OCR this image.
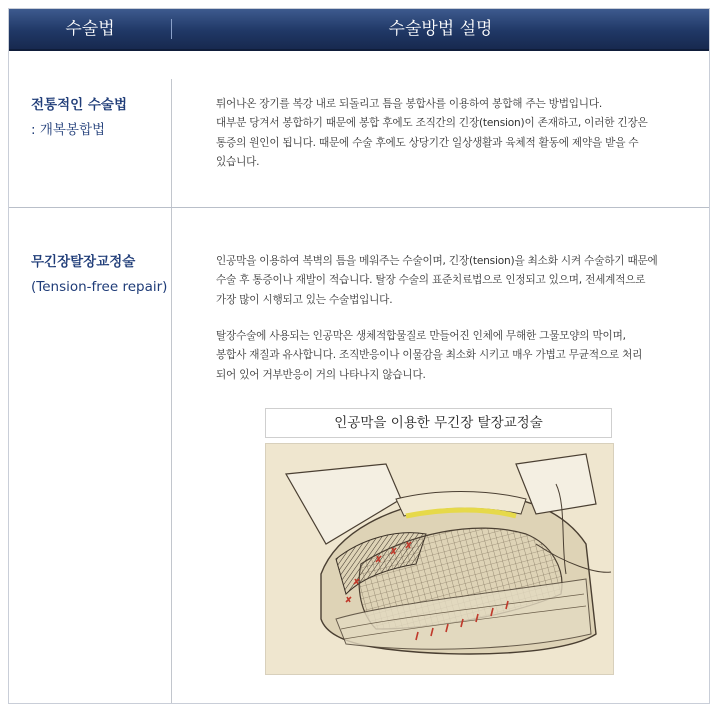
수술법	수술방법 설명
전통적인 수술법
: 개복봉합법
튀어나온 장기를 복강 내로 되돌리고 틈을 봉합사를 이용하여 봉합해 주는 방법입니다.
대부분 당겨서 봉합하기 때문에 봉합 후에도 조직간의 긴장(tension)이 존재하고, 이러한 긴장은
통증의 원인이 됩니다. 때문에 수술 후에도 상당기간 일상생활과 육체적 활동에 제약을 받을 수
있습니다.
무긴장탈장교정술
(Tension-free repair)
인공막을 이용하여 복벽의 틈을 메워주는 수술이며, 긴장(tension)을 최소화 시켜 수술하기 때문에
수술 후 통증이나 재발이 적습니다. 탈장 수술의 표준치료법으로 인정되고 있으며, 전세계적으로
가장 많이 시행되고 있는 수술법입니다.
탈장수술에 사용되는 인공막은 생체적합물질로 만들어진 인체에 무해한 그물모양의 막이며,
봉합사 재질과 유사합니다. 조직반응이나 이물감을 최소화 시키고 매우 가볍고 무균적으로 처리
되어 있어 거부반응이 거의 나타나지 않습니다.
인공막을 이용한 무긴장 탈장교정술
